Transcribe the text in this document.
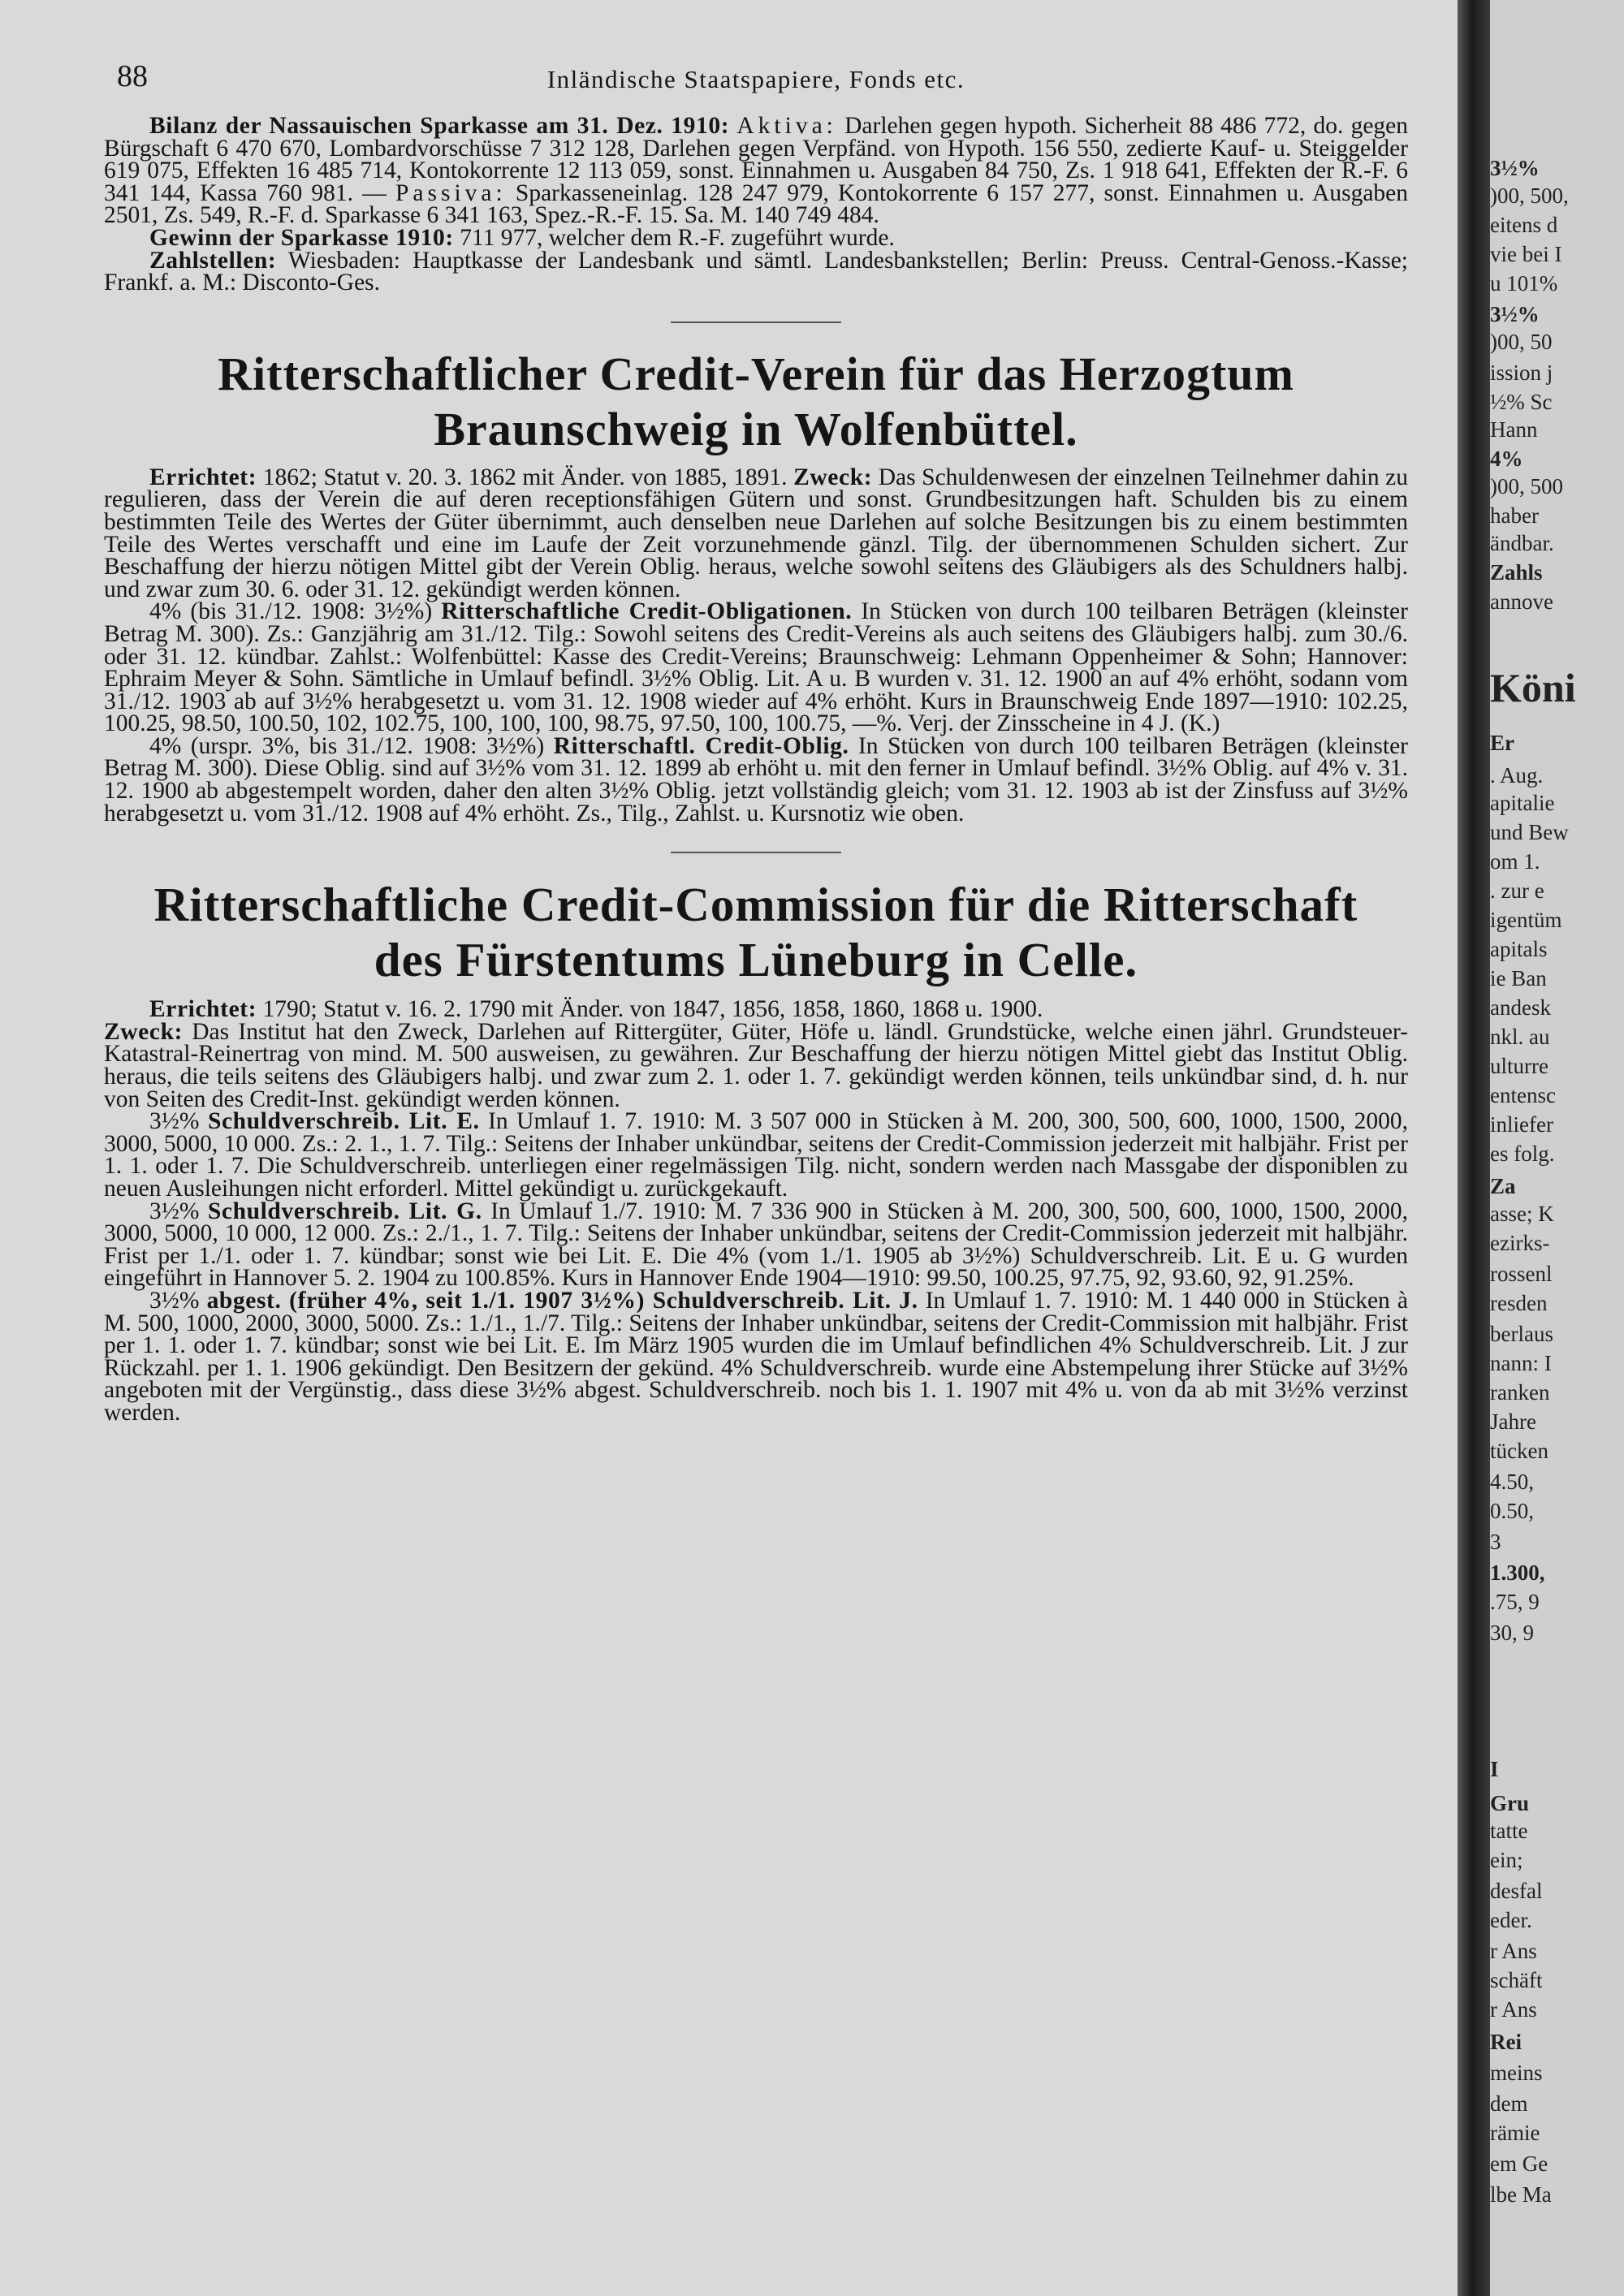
88	Inländische Staatspapiere, Fonds etc.

Bilanz der Nassauischen Sparkasse am 31. Dez. 1910: Aktiva: Darlehen gegen hypoth. Sicherheit 88 486 772, do. gegen Bürgschaft 6 470 670, Lombardvorschüsse 7 312 128, Darlehen gegen Verpfänd. von Hypoth. 156 550, zedierte Kauf- u. Steiggelder 619 075, Effekten 16 485 714, Kontokorrente 12 113 059, sonst. Einnahmen u. Ausgaben 84 750, Zs. 1 918 641, Effekten der R.-F. 6 341 144, Kassa 760 981. — Passiva: Sparkasseneinlag. 128 247 979, Kontokorrente 6 157 277, sonst. Einnahmen u. Ausgaben 2501, Zs. 549, R.-F. d. Sparkasse 6 341 163, Spez.-R.-F. 15. Sa. M. 140 749 484.

Gewinn der Sparkasse 1910: 711 977, welcher dem R.-F. zugeführt wurde.

Zahlstellen: Wiesbaden: Hauptkasse der Landesbank und sämtl. Landesbankstellen; Berlin: Preuss. Central-Genoss.-Kasse; Frankf. a. M.: Disconto-Ges.

Ritterschaftlicher Credit-Verein für das Herzogtum
Braunschweig in Wolfenbüttel.

Errichtet: 1862; Statut v. 20. 3. 1862 mit Änder. von 1885, 1891. Zweck: Das Schuldenwesen der einzelnen Teilnehmer dahin zu regulieren, dass der Verein die auf deren receptionsfähigen Gütern und sonst. Grundbesitzungen haft. Schulden bis zu einem bestimmten Teile des Wertes der Güter übernimmt, auch denselben neue Darlehen auf solche Besitzungen bis zu einem bestimmten Teile des Wertes verschafft und eine im Laufe der Zeit vorzunehmende gänzl. Tilg. der übernommenen Schulden sichert. Zur Beschaffung der hierzu nötigen Mittel gibt der Verein Oblig. heraus, welche sowohl seitens des Gläubigers als des Schuldners halbj. und zwar zum 30. 6. oder 31. 12. gekündigt werden können.

4% (bis 31./12. 1908: 3½%) Ritterschaftliche Credit-Obligationen. In Stücken von durch 100 teilbaren Beträgen (kleinster Betrag M. 300). Zs.: Ganzjährig am 31./12. Tilg.: Sowohl seitens des Credit-Vereins als auch seitens des Gläubigers halbj. zum 30./6. oder 31. 12. kündbar. Zahlst.: Wolfenbüttel: Kasse des Credit-Vereins; Braunschweig: Lehmann Oppenheimer & Sohn; Hannover: Ephraim Meyer & Sohn. Sämtliche in Umlauf befindl. 3½% Oblig. Lit. A u. B wurden v. 31. 12. 1900 an auf 4% erhöht, sodann vom 31./12. 1903 ab auf 3½% herabgesetzt u. vom 31. 12. 1908 wieder auf 4% erhöht. Kurs in Braunschweig Ende 1897—1910: 102.25, 100.25, 98.50, 100.50, 102, 102.75, 100, 100, 100, 98.75, 97.50, 100, 100.75, —%. Verj. der Zinsscheine in 4 J. (K.)

4% (urspr. 3%, bis 31./12. 1908: 3½%) Ritterschaftl. Credit-Oblig. In Stücken von durch 100 teilbaren Beträgen (kleinster Betrag M. 300). Diese Oblig. sind auf 3½% vom 31. 12. 1899 ab erhöht u. mit den ferner in Umlauf befindl. 3½% Oblig. auf 4% v. 31. 12. 1900 ab abgestempelt worden, daher den alten 3½% Oblig. jetzt vollständig gleich; vom 31. 12. 1903 ab ist der Zinsfuss auf 3½% herabgesetzt u. vom 31./12. 1908 auf 4% erhöht. Zs., Tilg., Zahlst. u. Kursnotiz wie oben.

Ritterschaftliche Credit-Commission für die Ritterschaft
des Fürstentums Lüneburg in Celle.

Errichtet: 1790; Statut v. 16. 2. 1790 mit Änder. von 1847, 1856, 1858, 1860, 1868 u. 1900.

Zweck: Das Institut hat den Zweck, Darlehen auf Rittergüter, Güter, Höfe u. ländl. Grundstücke, welche einen jährl. Grundsteuer-Katastral-Reinertrag von mind. M. 500 ausweisen, zu gewähren. Zur Beschaffung der hierzu nötigen Mittel giebt das Institut Oblig. heraus, die teils seitens des Gläubigers halbj. und zwar zum 2. 1. oder 1. 7. gekündigt werden können, teils unkündbar sind, d. h. nur von Seiten des Credit-Inst. gekündigt werden können.

3½% Schuldverschreib. Lit. E. In Umlauf 1. 7. 1910: M. 3 507 000 in Stücken à M. 200, 300, 500, 600, 1000, 1500, 2000, 3000, 5000, 10 000. Zs.: 2. 1., 1. 7. Tilg.: Seitens der Inhaber unkündbar, seitens der Credit-Commission jederzeit mit halbjähr. Frist per 1. 1. oder 1. 7. Die Schuldverschreib. unterliegen einer regelmässigen Tilg. nicht, sondern werden nach Massgabe der disponiblen zu neuen Ausleihungen nicht erforderl. Mittel gekündigt u. zurückgekauft.

3½% Schuldverschreib. Lit. G. In Umlauf 1./7. 1910: M. 7 336 900 in Stücken à M. 200, 300, 500, 600, 1000, 1500, 2000, 3000, 5000, 10 000, 12 000. Zs.: 2./1., 1. 7. Tilg.: Seitens der Inhaber unkündbar, seitens der Credit-Commission jederzeit mit halbjähr. Frist per 1./1. oder 1. 7. kündbar; sonst wie bei Lit. E. Die 4% (vom 1./1. 1905 ab 3½%) Schuldverschreib. Lit. E u. G wurden eingeführt in Hannover 5. 2. 1904 zu 100.85%. Kurs in Hannover Ende 1904—1910: 99.50, 100.25, 97.75, 92, 93.60, 92, 91.25%.

3½% abgest. (früher 4%, seit 1./1. 1907 3½%) Schuldverschreib. Lit. J. In Umlauf 1. 7. 1910: M. 1 440 000 in Stücken à M. 500, 1000, 2000, 3000, 5000. Zs.: 1./1., 1./7. Tilg.: Seitens der Inhaber unkündbar, seitens der Credit-Commission mit halbjähr. Frist per 1. 1. oder 1. 7. kündbar; sonst wie bei Lit. E. Im März 1905 wurden die im Umlauf befindlichen 4% Schuldverschreib. Lit. J zur Rückzahl. per 1. 1. 1906 gekündigt. Den Besitzern der gekünd. 4% Schuldverschreib. wurde eine Abstempelung ihrer Stücke auf 3½% angeboten mit der Vergünstig., dass diese 3½% abgest. Schuldverschreib. noch bis 1. 1. 1907 mit 4% u. von da ab mit 3½% verzinst werden.

3½%
)00, 500,
eitens d
vie bei I
u 101%
3½%
)00, 50
ission j
½% Sc
Hann
4%
)00, 500
haber
ändbar.
Zahls
annove
Köni
Er
. Aug.
apitalie
und Bew
om 1.
. zur e
igentüm
apitals
ie Ban
andesk
nkl. au
ulturre
entensc
inliefer
es folg.
Za
asse; K
ezirks-
rossenl
resden
berlaus
nann: I
ranken
Jahre
tücken
4.50,
0.50,
3
1.300,
.75, 9
30, 9
I
Gru
tatte
ein;
desfal
eder.
r Ans
schäft
r Ans
Rei
meins
dem
rämie
em Ge
lbe Ma
